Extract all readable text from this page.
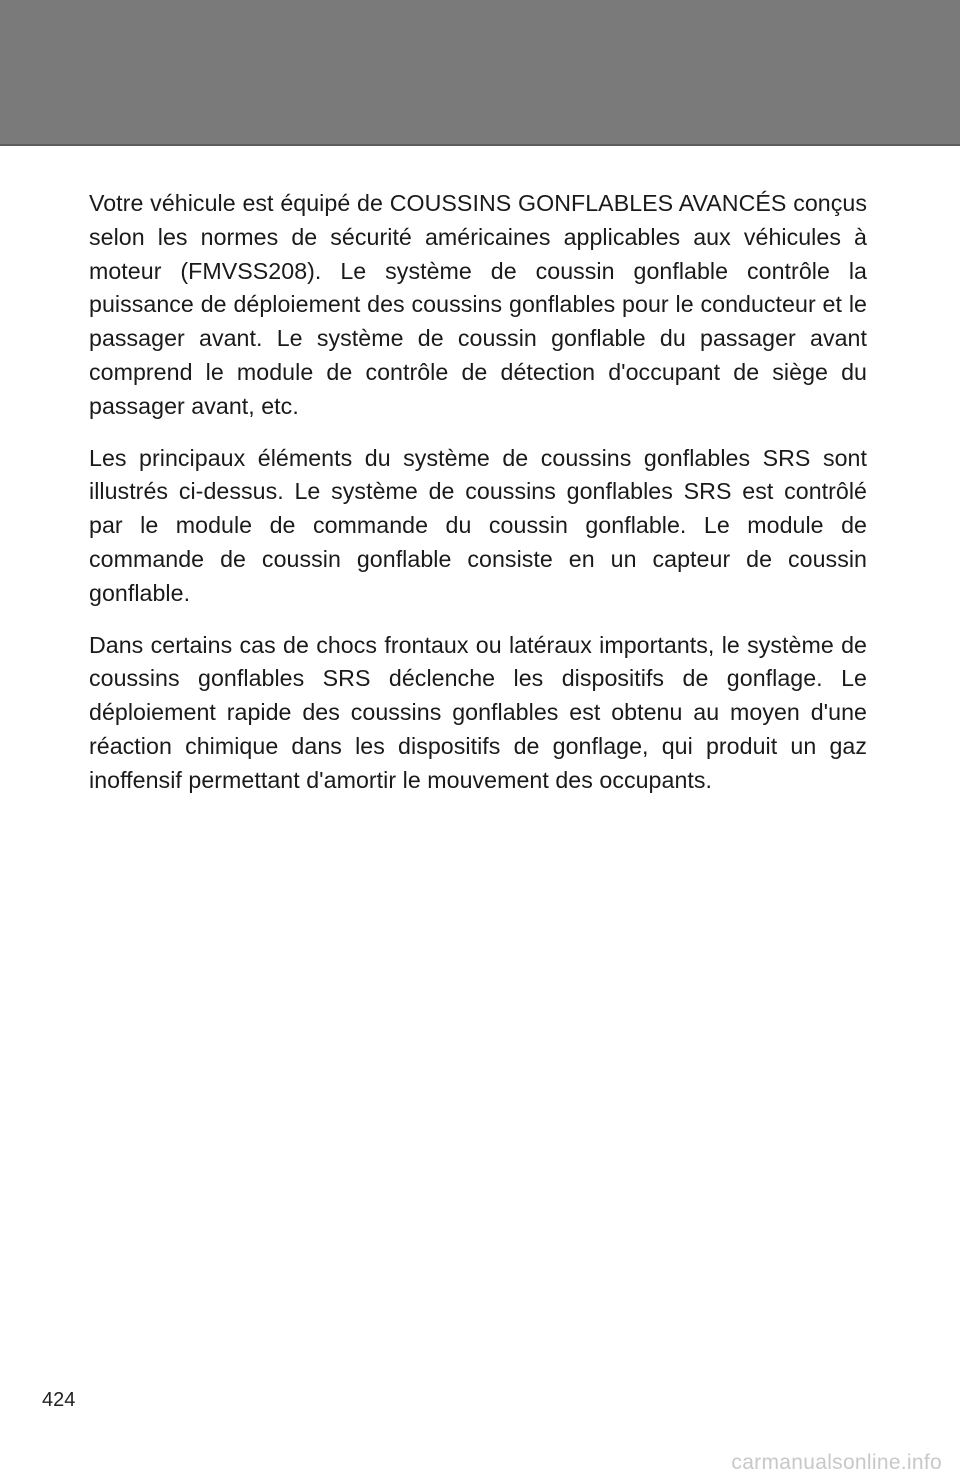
Votre véhicule est équipé de COUSSINS GONFLABLES AVANCÉS conçus selon les normes de sécurité américaines applicables aux véhicules à moteur (FMVSS208). Le système de coussin gonflable contrôle la puissance de déploiement des coussins gonflables pour le conducteur et le passager avant. Le système de coussin gonflable du passager avant comprend le module de contrôle de détection d'occupant de siège du passager avant, etc.

Les principaux éléments du système de coussins gonflables SRS sont illustrés ci-dessus. Le système de coussins gonflables SRS est contrôlé par le module de commande du coussin gonflable. Le module de commande de coussin gonflable consiste en un capteur de coussin gonflable.

Dans certains cas de chocs frontaux ou latéraux importants, le système de coussins gonflables SRS déclenche les dispositifs de gonflage. Le déploiement rapide des coussins gonflables est obtenu au moyen d'une réaction chimique dans les dispositifs de gonflage, qui produit un gaz inoffensif permettant d'amortir le mouvement des occupants.

424
carmanualsonline.info
